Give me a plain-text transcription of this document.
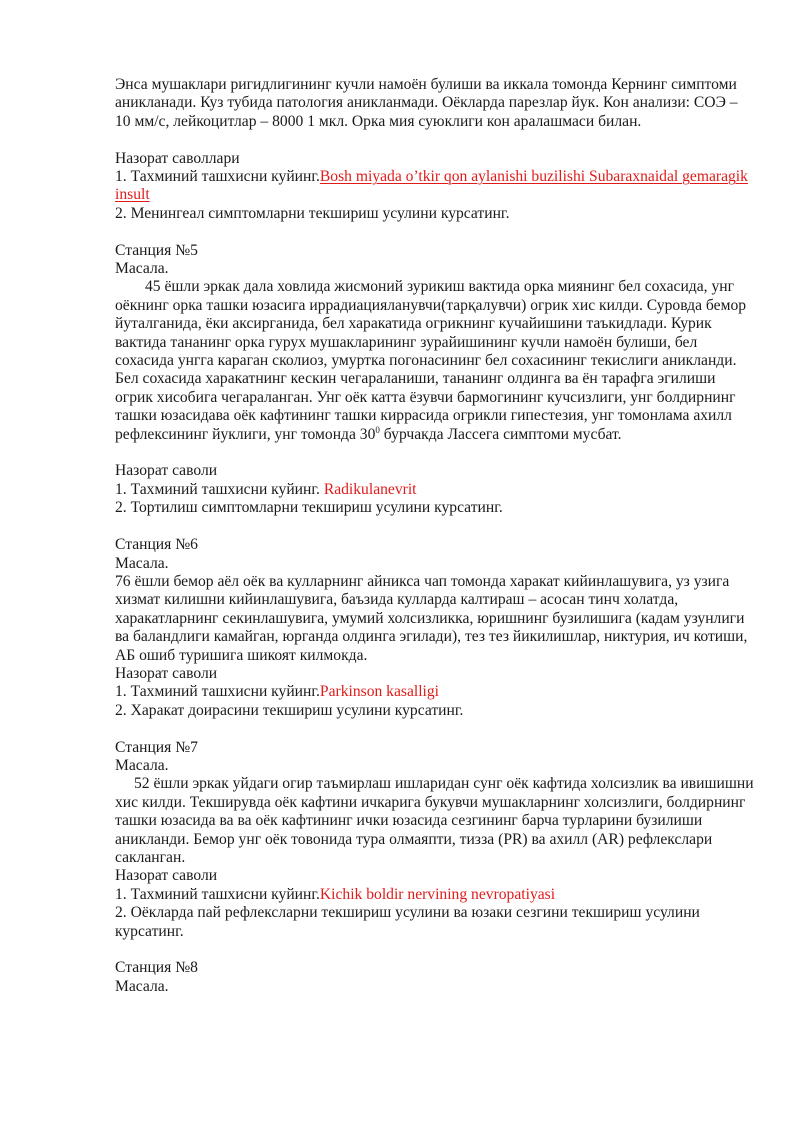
Энса мушаклари ригидлигининг кучли намоён булиши ва иккала томонда Кернинг симптоми аникланади. Куз тубида патология аникланмади. Оёкларда парезлар йук. Кон анализи: СОЭ – 10 мм/с, лейкоцитлар – 8000 1 мкл. Орка мия суюклиги кон аралашмаси билан.

Назорат саволлари

1. Тахминий ташхисни куйинг.Bosh miyada o’tkir qon aylanishi buzilishi Subaraxnaidal gemaragik insult

2. Менингеал симптомларни текшириш усулини курсатинг.

Станция №5

Масала.

45 ёшли эркак дала ховлида жисмоний зурикиш вактида орка миянинг бел сохасида, унг оёкнинг орка ташки юзасига иррадиацияланувчи(тарқалувчи) огрик хис килди. Суровда бемор йуталганида, ёки аксирганида, бел харакатида огрикнинг кучайишини таъкидлади. Курик вактида тананинг орка гурух мушакларининг зурайишининг кучли намоён булиши, бел сохасида унгга караган сколиоз, умуртка погонасининг бел сохасининг текислиги аникланди. Бел сохасида харакатнинг кескин чегараланиши, тананинг олдинга ва ён тарафга эгилиши огрик хисобига чегараланган. Унг оёк катта ёзувчи бармогининг кучсизлиги, унг болдирнинг ташки юзасидава оёк кафтининг ташки киррасида огрикли гипестезия, унг томонлама ахилл рефлексининг йуклиги, унг томонда $30^0$ бурчакда Лассега симптоми мусбат.

Назорат саволи

1. Тахминий ташхисни куйинг. Radikulanevrit

2. Тортилиш симптомларни текшириш усулини курсатинг.

Станция №6

Масала.

76 ёшли бемор аёл оёк ва кулларнинг айниксa чап томонда харакат кийинлашувига, уз узига хизмат килишни кийинлашувига, баъзида кулларда калтираш – асосан тинч холатда, харакатларнинг секинлашувига, умумий холсизликка, юришнинг бузилишига (кадам узунлиги ва баландлиги камайган, юрганда олдинга эгилади), тез тез йикилишлар, никтурия, ич котиши, АБ ошиб туришига шикоят килмокда.

Назорат саволи

1. Тахминий ташхисни куйинг.Parkinson kasalligi

2. Харакат доирасини текшириш усулини курсатинг.

Станция №7

Масала.

52 ёшли эркак уйдаги огир таъмирлаш ишларидан сунг оёк кафтида холсизлик ва ивишишни хис килди. Текширувда оёк кафтини ичкарига букувчи мушакларнинг холсизлиги, болдирнинг ташки юзасида ва ва оёк кафтининг ички юзасида сезгининг барча турларини бузилиши аникланди. Бемор унг оёк товонида тура олмаяпти, тизза (PR) ва ахилл (AR) рефлекслари сакланган.

Назорат саволи

1. Тахминий ташхисни куйинг.Kichik boldir nervining nevropatiyasi

2. Оёкларда пай рефлексларни текшириш усулини ва юзаки сезгини текшириш усулини курсатинг.

Станция №8

Масала.
